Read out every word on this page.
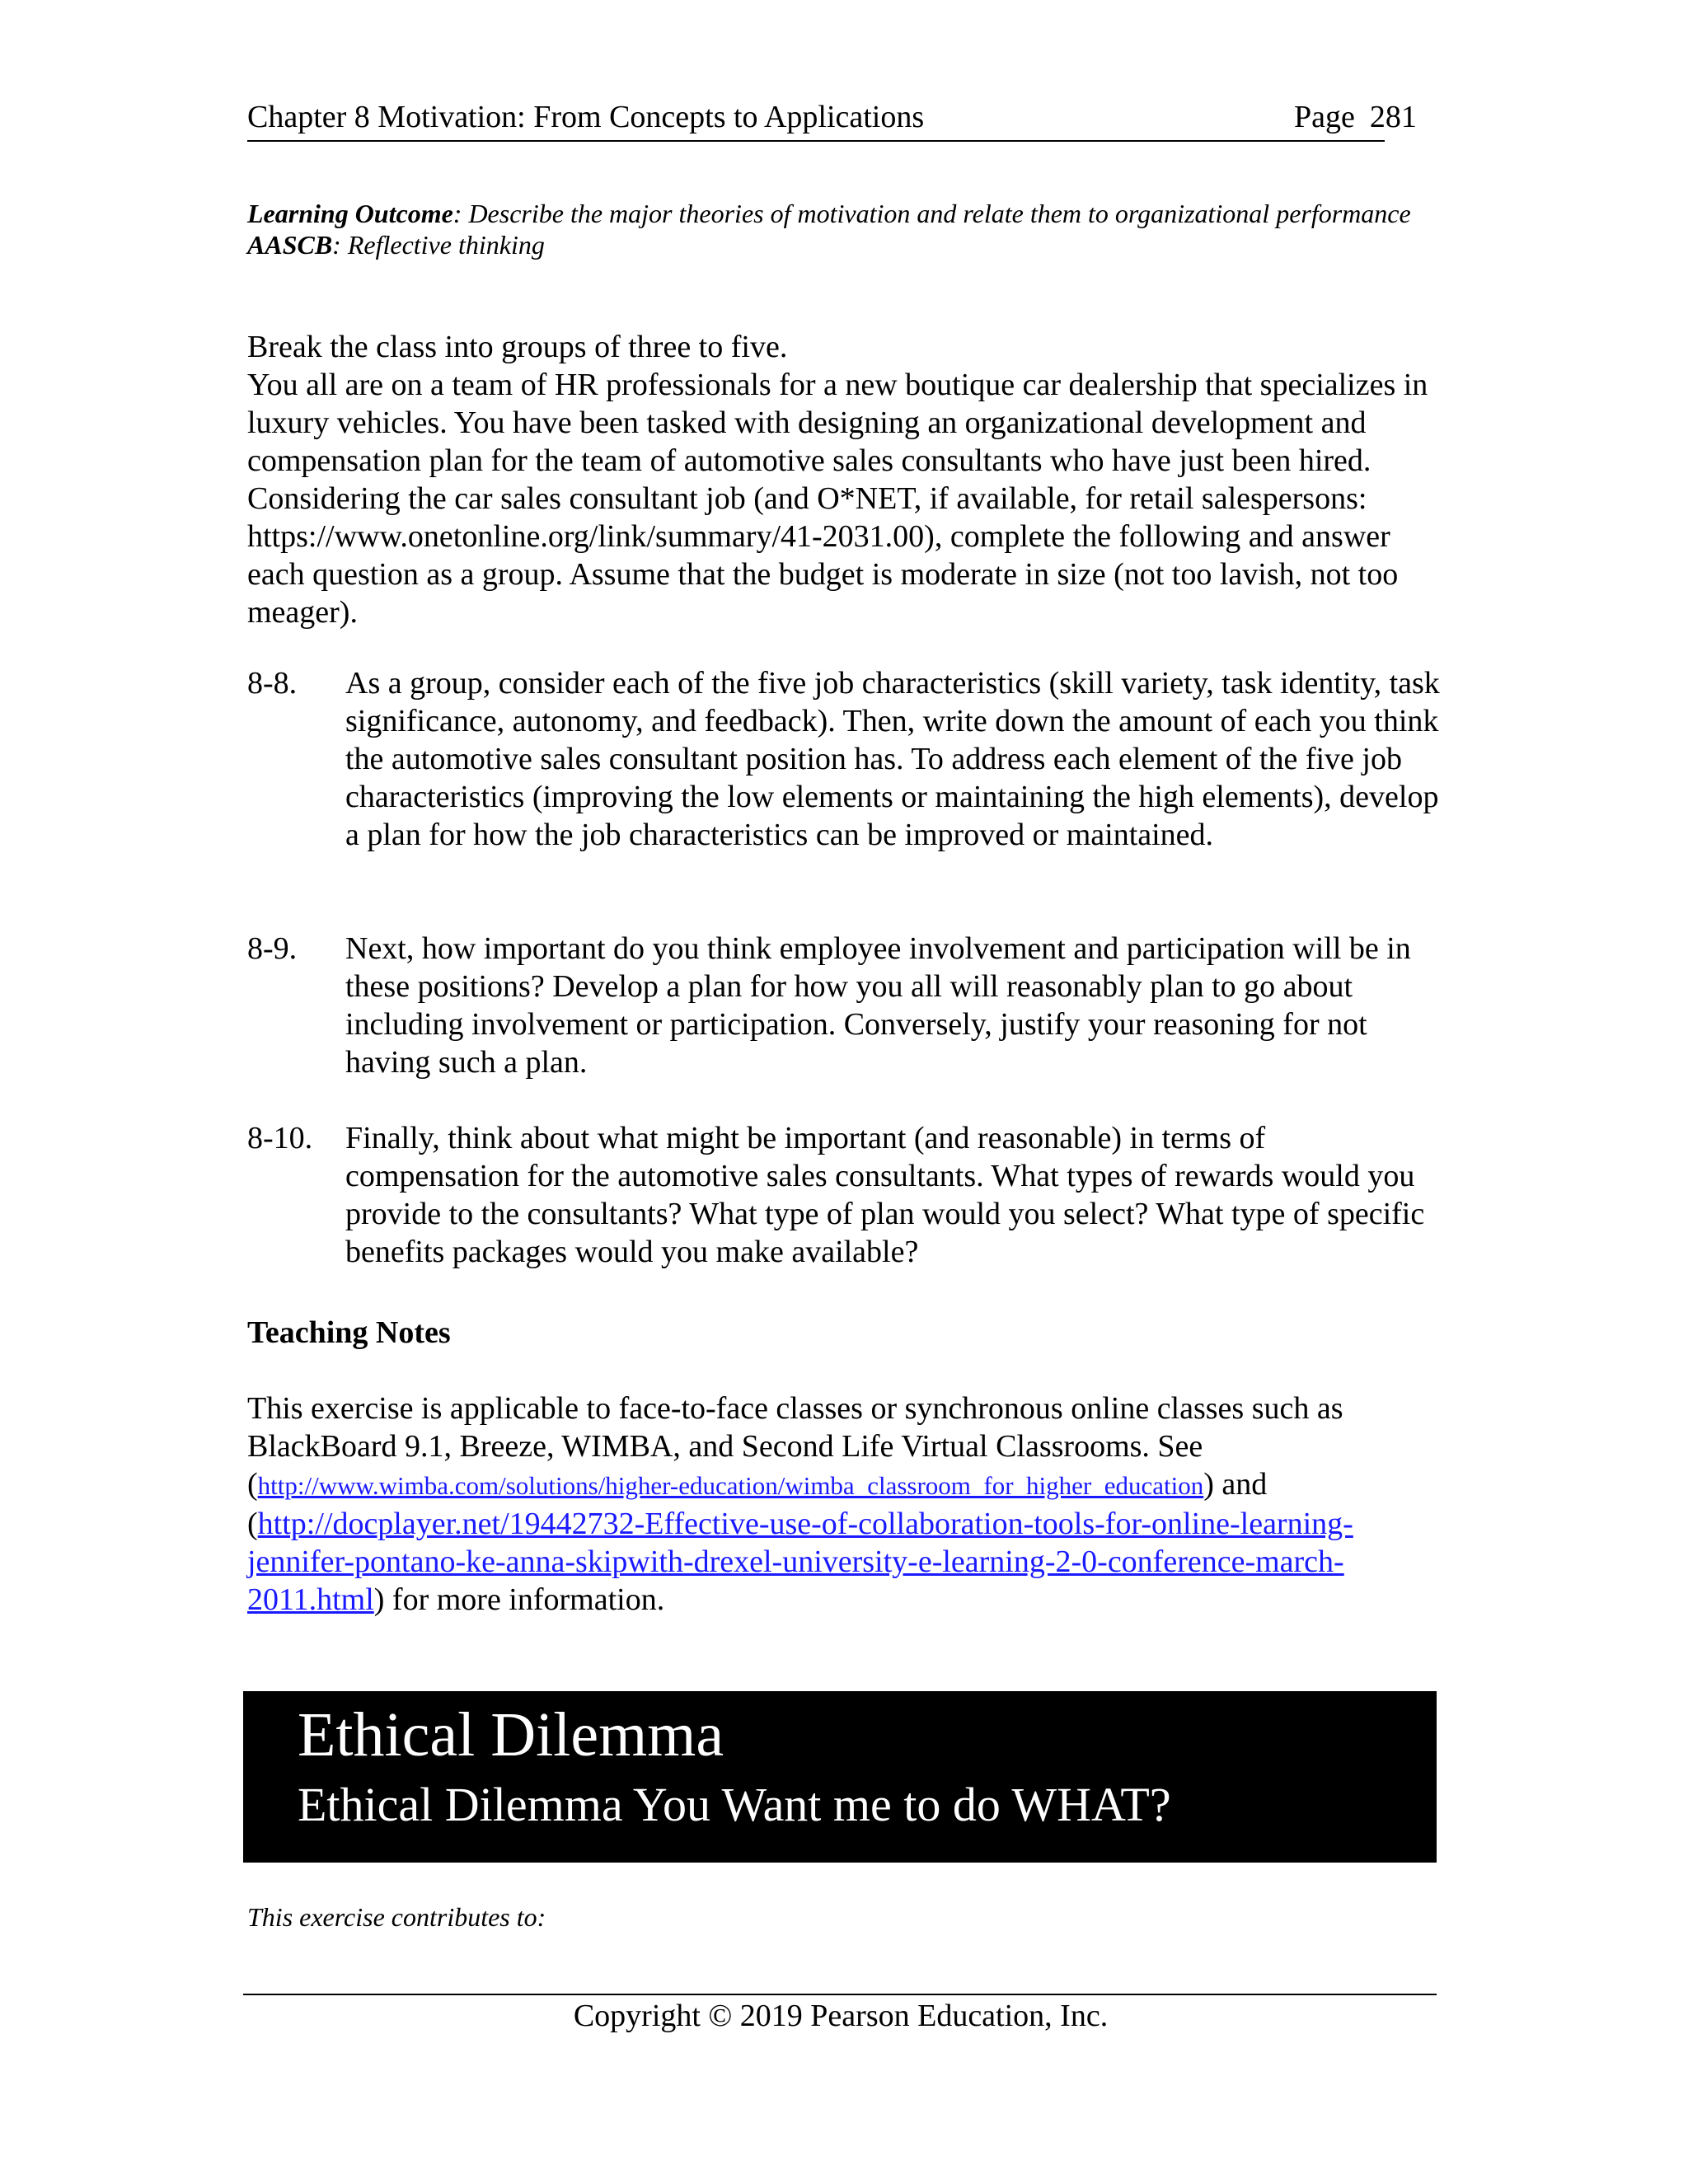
Chapter 8 Motivation: From Concepts to Applications	Page 281

Learning Outcome: Describe the major theories of motivation and relate them to organizational performance

AASCB: Reflective thinking

Break the class into groups of three to five.

You all are on a team of HR professionals for a new boutique car dealership that specializes in luxury vehicles. You have been tasked with designing an organizational development and compensation plan for the team of automotive sales consultants who have just been hired. Considering the car sales consultant job (and O*NET, if available, for retail salespersons: https://www.onetonline.org/link/summary/41-2031.00), complete the following and answer each question as a group. Assume that the budget is moderate in size (not too lavish, not too meager).

8-8. As a group, consider each of the five job characteristics (skill variety, task identity, task significance, autonomy, and feedback). Then, write down the amount of each you think the automotive sales consultant position has. To address each element of the five job characteristics (improving the low elements or maintaining the high elements), develop a plan for how the job characteristics can be improved or maintained.
8-9. Next, how important do you think employee involvement and participation will be in these positions? Develop a plan for how you all will reasonably plan to go about including involvement or participation. Conversely, justify your reasoning for not having such a plan.
8-10. Finally, think about what might be important (and reasonable) in terms of compensation for the automotive sales consultants. What types of rewards would you provide to the consultants? What type of plan would you select? What type of specific benefits packages would you make available?
Teaching Notes

This exercise is applicable to face-to-face classes or synchronous online classes such as BlackBoard 9.1, Breeze, WIMBA, and Second Life Virtual Classrooms. See (http://www.wimba.com/solutions/higher-education/wimba_classroom_for_higher_education) and (http://docplayer.net/19442732-Effective-use-of-collaboration-tools-for-online-learning-jennifer-pontano-ke-anna-skipwith-drexel-university-e-learning-2-0-conference-march-2011.html) for more information.

Ethical Dilemma
Ethical Dilemma You Want me to do WHAT?
This exercise contributes to:
Copyright © 2019 Pearson Education, Inc.
